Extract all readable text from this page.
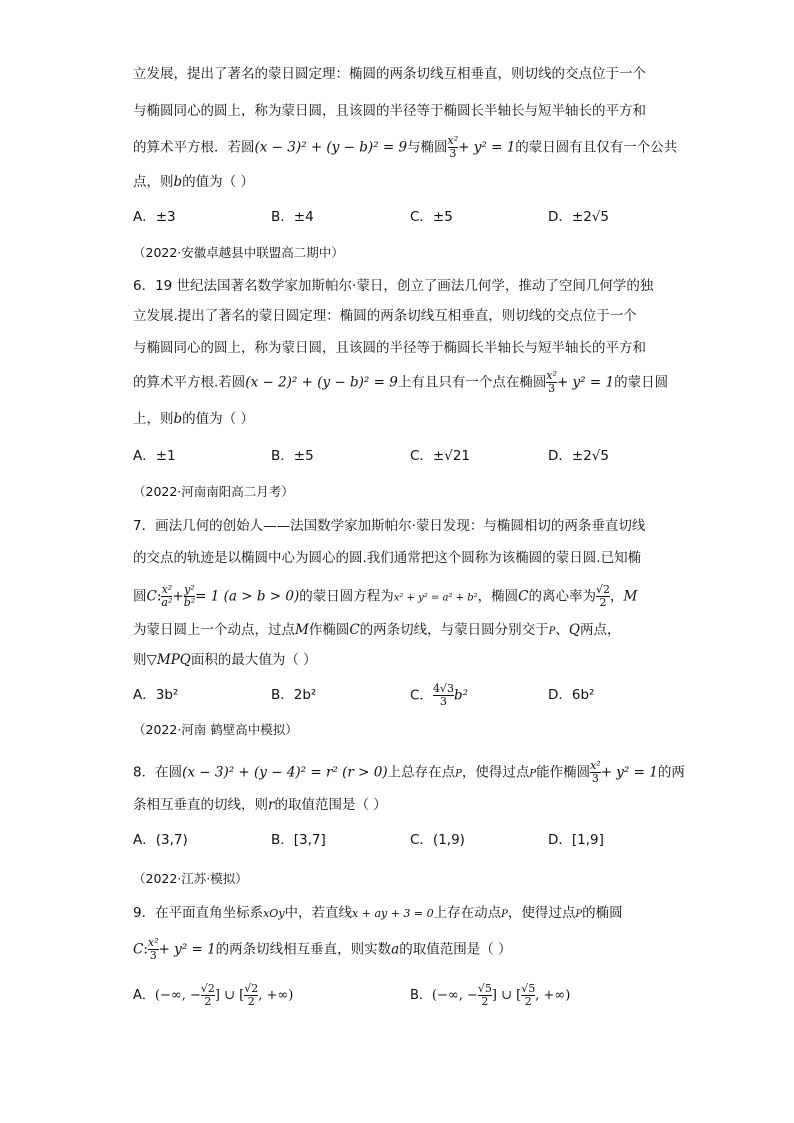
立发展，提出了著名的蒙日圆定理：椭圆的两条切线互相垂直，则切线的交点位于一个
与椭圆同心的圆上，称为蒙日圆，且该圆的半径等于椭圆长半轴长与短半轴长的平方和
的算术平方根．若圆(x − 3)² + (y − b)² = 9与椭圆 $\frac{\text{x²}}{3} + y^2 = 1$的蒙日圆有且仅有一个公共
点，则b的值为（ ）
A．±3	B．±4	C．±5	D．±2√5
（2022·安徽卓越县中联盟高二期中）
6．19 世纪法国著名数学家加斯帕尔·蒙日，创立了画法几何学，推动了空间几何学的独
立发展.提出了著名的蒙日圆定理：椭圆的两条切线互相垂直，则切线的交点位于一个
与椭圆同心的圆上，称为蒙日圆，且该圆的半径等于椭圆长半轴长与短半轴长的平方和
的算术平方根.若圆(x − 2)² + (y − b)² = 9上有且只有一个点在椭圆 $\frac{\text{x²}}{3} + y^2 = 1$的蒙日圆
上，则b的值为（ ）
A．±1	B．±5	C．±√21	D．±2√5
（2022·河南南阳高二月考）
7．画法几何的创始人——法国数学家加斯帕尔·蒙日发现：与椭圆相切的两条垂直切线
的交点的轨迹是以椭圆中心为圆心的圆.我们通常把这个圆称为该椭圆的蒙日圆.已知椭
圆C: $\frac{\text{x²}}{\text{a²}} + \frac{\text{y²}}{\text{b²}} = 1$ (a > b > 0)的蒙日圆方程为x² + y² = a² + b²，椭圆C的离心率为 $\frac{√2}{2}$ ，M
为蒙日圆上一个动点，过点M作椭圆C的两条切线，与蒙日圆分别交于P、Q两点，
则▽MPQ面积的最大值为（ ）
A．3b²	B．2b²	C． $\frac{4√3}{3} b^2$	D．6b²
（2022·河南 鹤壁高中模拟）
8．在圆(x − 3)² + (y − 4)² = r² (r > 0)上总存在点P，使得过点P能作椭圆 $\frac{\text{x²}}{3} + y^2 = 1$的两
条相互垂直的切线，则r的取值范围是（ ）
A．(3,7)	B．[3,7]	C．(1,9)	D．[1,9]
（2022·江苏·模拟）
9．在平面直角坐标系xOy中，若直线x + ay + 3 = 0上存在动点P，使得过点P的椭圆
C: $\frac{\text{x²}}{3} + y^2 = 1$的两条切线相互垂直，则实数a的取值范围是（ ）
A．(−∞, − $\frac{√2}{2}$ ] ∪ [ $\frac{√2}{2}$ , +∞)	B．(−∞, − $\frac{√5}{2}$ ] ∪ [ $\frac{√5}{2}$ , +∞)
